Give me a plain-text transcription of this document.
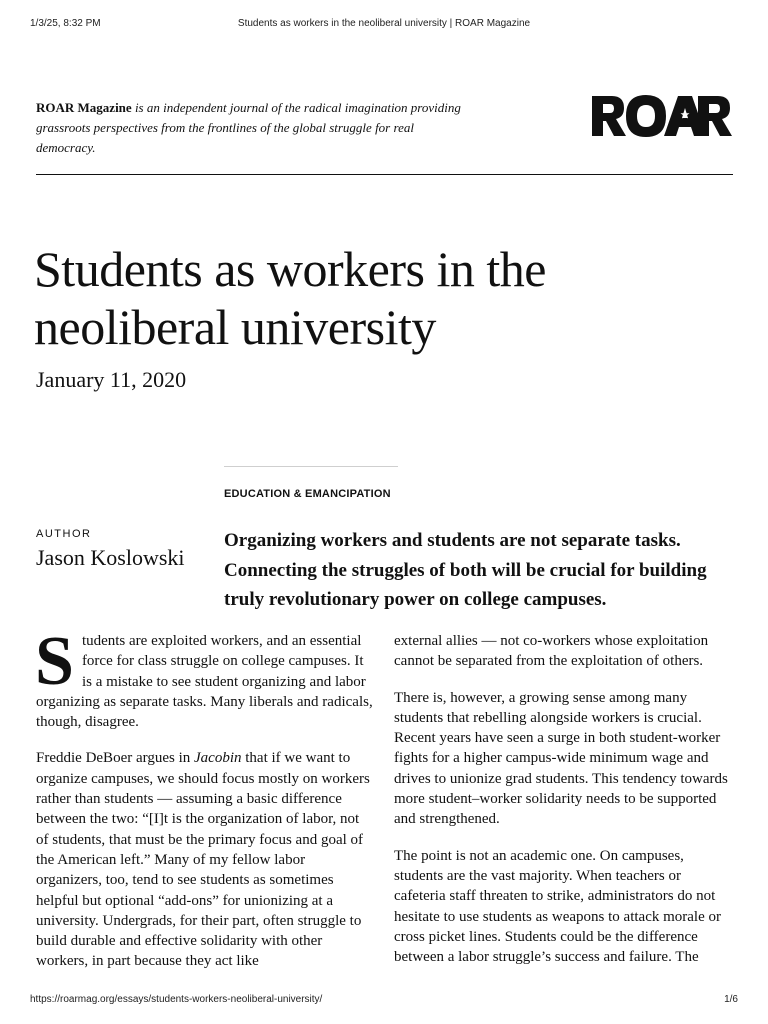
1/3/25, 8:32 PM	Students as workers in the neoliberal university | ROAR Magazine
ROAR Magazine is an independent journal of the radical imagination providing grassroots perspectives from the frontlines of the global struggle for real democracy.
ROAR
Students as workers in the neoliberal university
January 11, 2020
EDUCATION & EMANCIPATION
AUTHOR
Jason Koslowski

Organizing workers and students are not separate tasks. Connecting the struggles of both will be crucial for building truly revolutionary power on college campuses.

Students are exploited workers, and an essential force for class struggle on college campuses. It is a mistake to see student organizing and labor organizing as separate tasks. Many liberals and radicals, though, disagree.

Freddie DeBoer argues in Jacobin that if we want to organize campuses, we should focus mostly on workers rather than students — assuming a basic difference between the two: “[I]t is the organization of labor, not of students, that must be the primary focus and goal of the American left.” Many of my fellow labor organizers, too, tend to see students as sometimes helpful but optional “add-ons” for unionizing at a university. Undergrads, for their part, often struggle to build durable and effective solidarity with other workers, in part because they act like

external allies — not co-workers whose exploitation cannot be separated from the exploitation of others.

There is, however, a growing sense among many students that rebelling alongside workers is crucial. Recent years have seen a surge in both student-worker fights for a higher campus-wide minimum wage and drives to unionize grad students. This tendency towards more student–worker solidarity needs to be supported and strengthened.

The point is not an academic one. On campuses, students are the vast majority. When teachers or cafeteria staff threaten to strike, administrators do not hesitate to use students as weapons to attack morale or cross picket lines. Students could be the difference between a labor struggle’s success and failure. The

https://roarmag.org/essays/students-workers-neoliberal-university/	1/6
